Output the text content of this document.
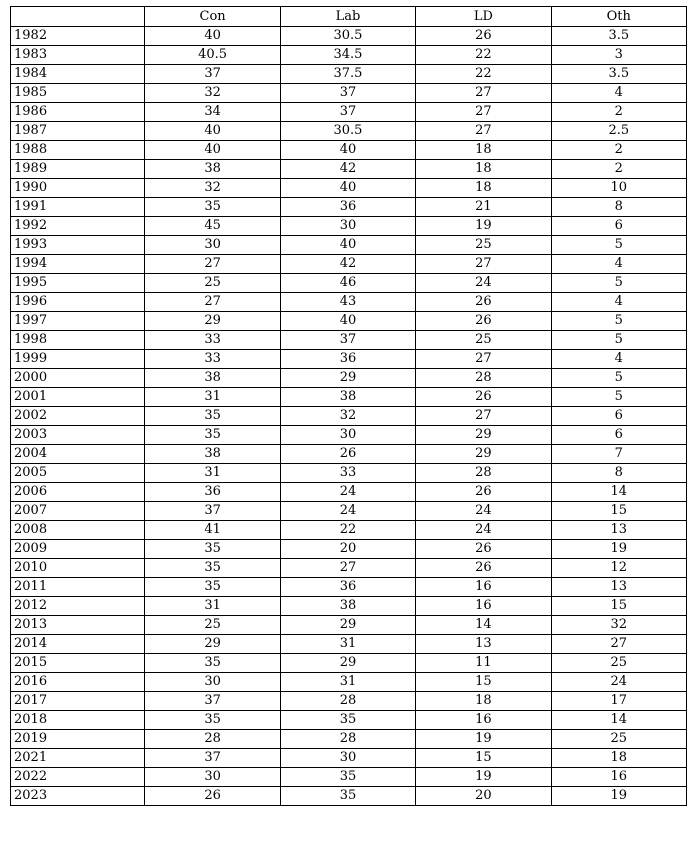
	Con	Lab	LD	Oth
1982	40	30.5	26	3.5
1983	40.5	34.5	22	3
1984	37	37.5	22	3.5
1985	32	37	27	4
1986	34	37	27	2
1987	40	30.5	27	2.5
1988	40	40	18	2
1989	38	42	18	2
1990	32	40	18	10
1991	35	36	21	8
1992	45	30	19	6
1993	30	40	25	5
1994	27	42	27	4
1995	25	46	24	5
1996	27	43	26	4
1997	29	40	26	5
1998	33	37	25	5
1999	33	36	27	4
2000	38	29	28	5
2001	31	38	26	5
2002	35	32	27	6
2003	35	30	29	6
2004	38	26	29	7
2005	31	33	28	8
2006	36	24	26	14
2007	37	24	24	15
2008	41	22	24	13
2009	35	20	26	19
2010	35	27	26	12
2011	35	36	16	13
2012	31	38	16	15
2013	25	29	14	32
2014	29	31	13	27
2015	35	29	11	25
2016	30	31	15	24
2017	37	28	18	17
2018	35	35	16	14
2019	28	28	19	25
2021	37	30	15	18
2022	30	35	19	16
2023	26	35	20	19
